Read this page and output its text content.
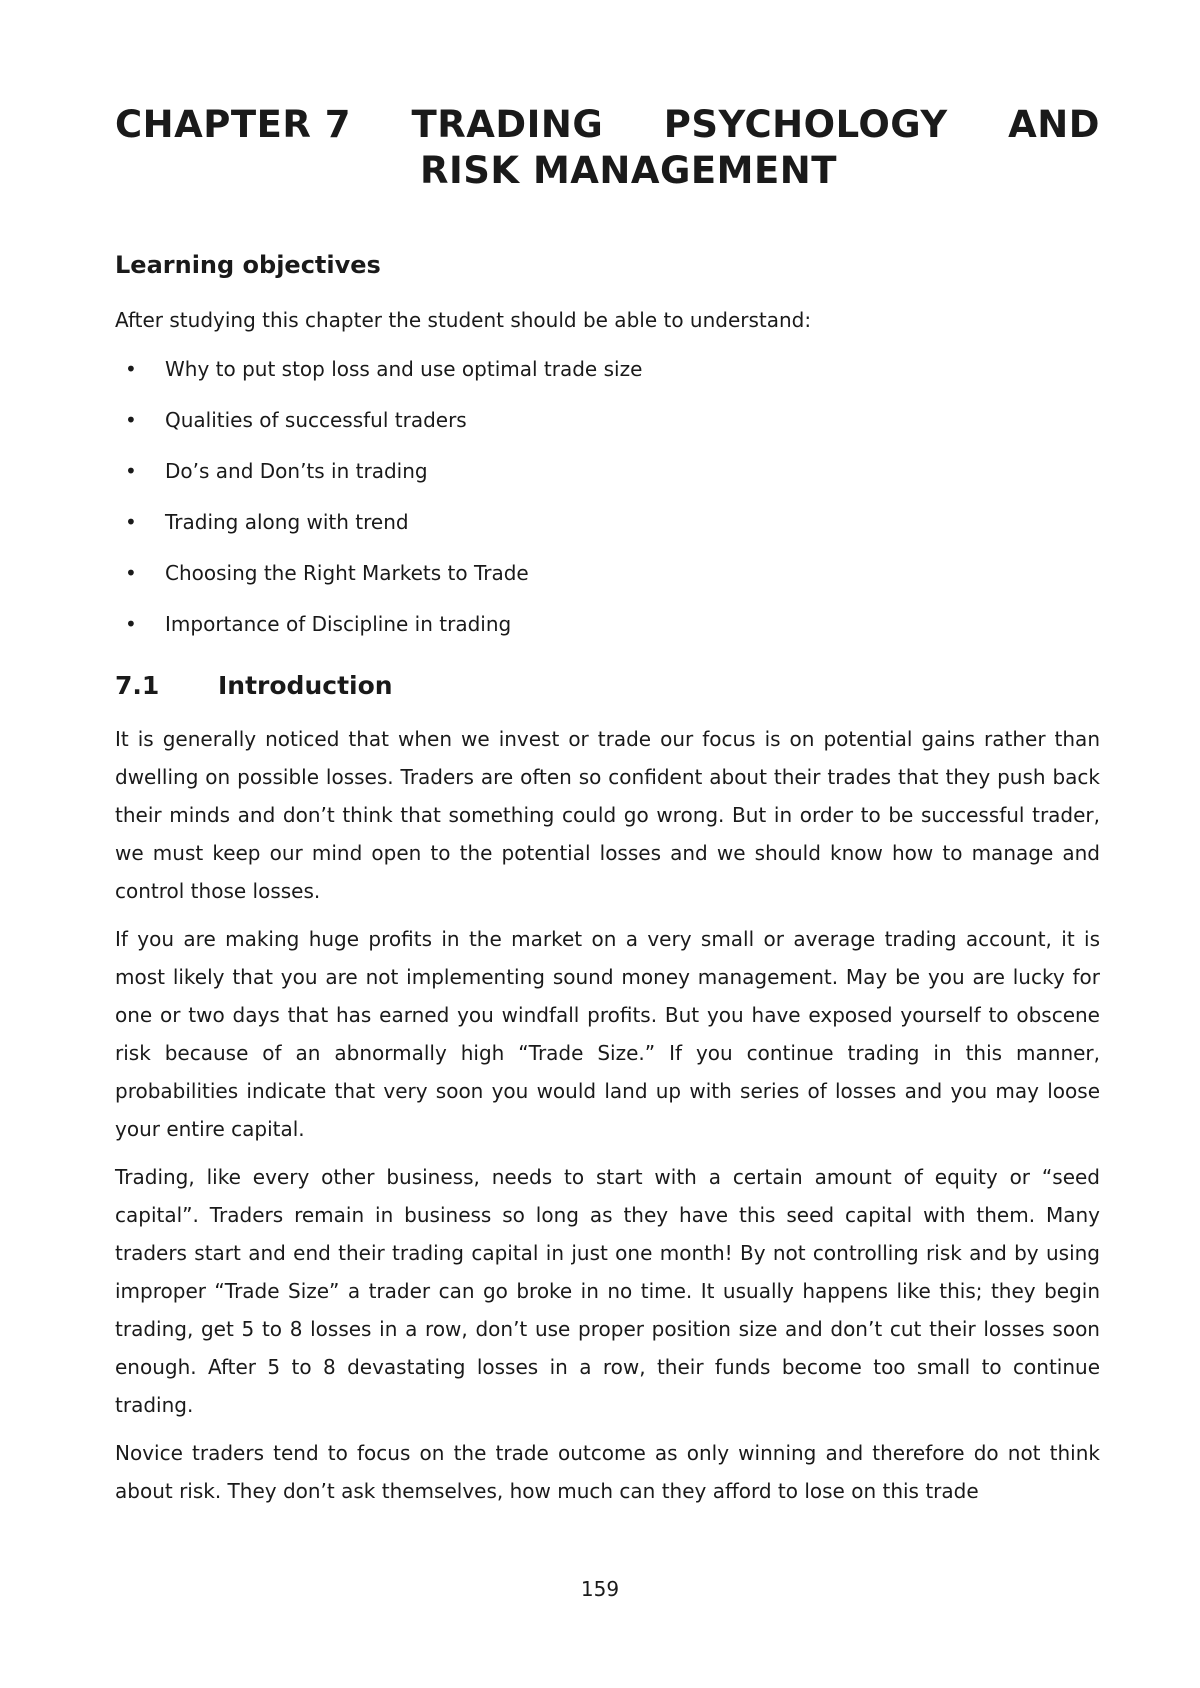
CHAPTER 7 TRADING PSYCHOLOGY AND
RISK MANAGEMENT
Learning objectives
After studying this chapter the student should be able to understand:
• Why to put stop loss and use optimal trade size
• Qualities of successful traders
• Do’s and Don’ts in trading
• Trading along with trend
• Choosing the Right Markets to Trade
• Importance of Discipline in trading
7.1 Introduction

It is generally noticed that when we invest or trade our focus is on potential gains rather than dwelling on possible losses. Traders are often so confident about their trades that they push back their minds and don’t think that something could go wrong. But in order to be successful trader, we must keep our mind open to the potential losses and we should know how to manage and control those losses.

If you are making huge profits in the market on a very small or average trading account, it is most likely that you are not implementing sound money management. May be you are lucky for one or two days that has earned you windfall profits. But you have exposed yourself to obscene risk because of an abnormally high “Trade Size.” If you continue trading in this manner, probabilities indicate that very soon you would land up with series of losses and you may loose your entire capital.

Trading, like every other business, needs to start with a certain amount of equity or “seed capital”. Traders remain in business so long as they have this seed capital with them. Many traders start and end their trading capital in just one month! By not controlling risk and by using improper “Trade Size” a trader can go broke in no time. It usually happens like this; they begin trading, get 5 to 8 losses in a row, don’t use proper position size and don’t cut their losses soon enough. After 5 to 8 devastating losses in a row, their funds become too small to continue trading.

Novice traders tend to focus on the trade outcome as only winning and therefore do not think about risk. They don’t ask themselves, how much can they afford to lose on this trade

159
